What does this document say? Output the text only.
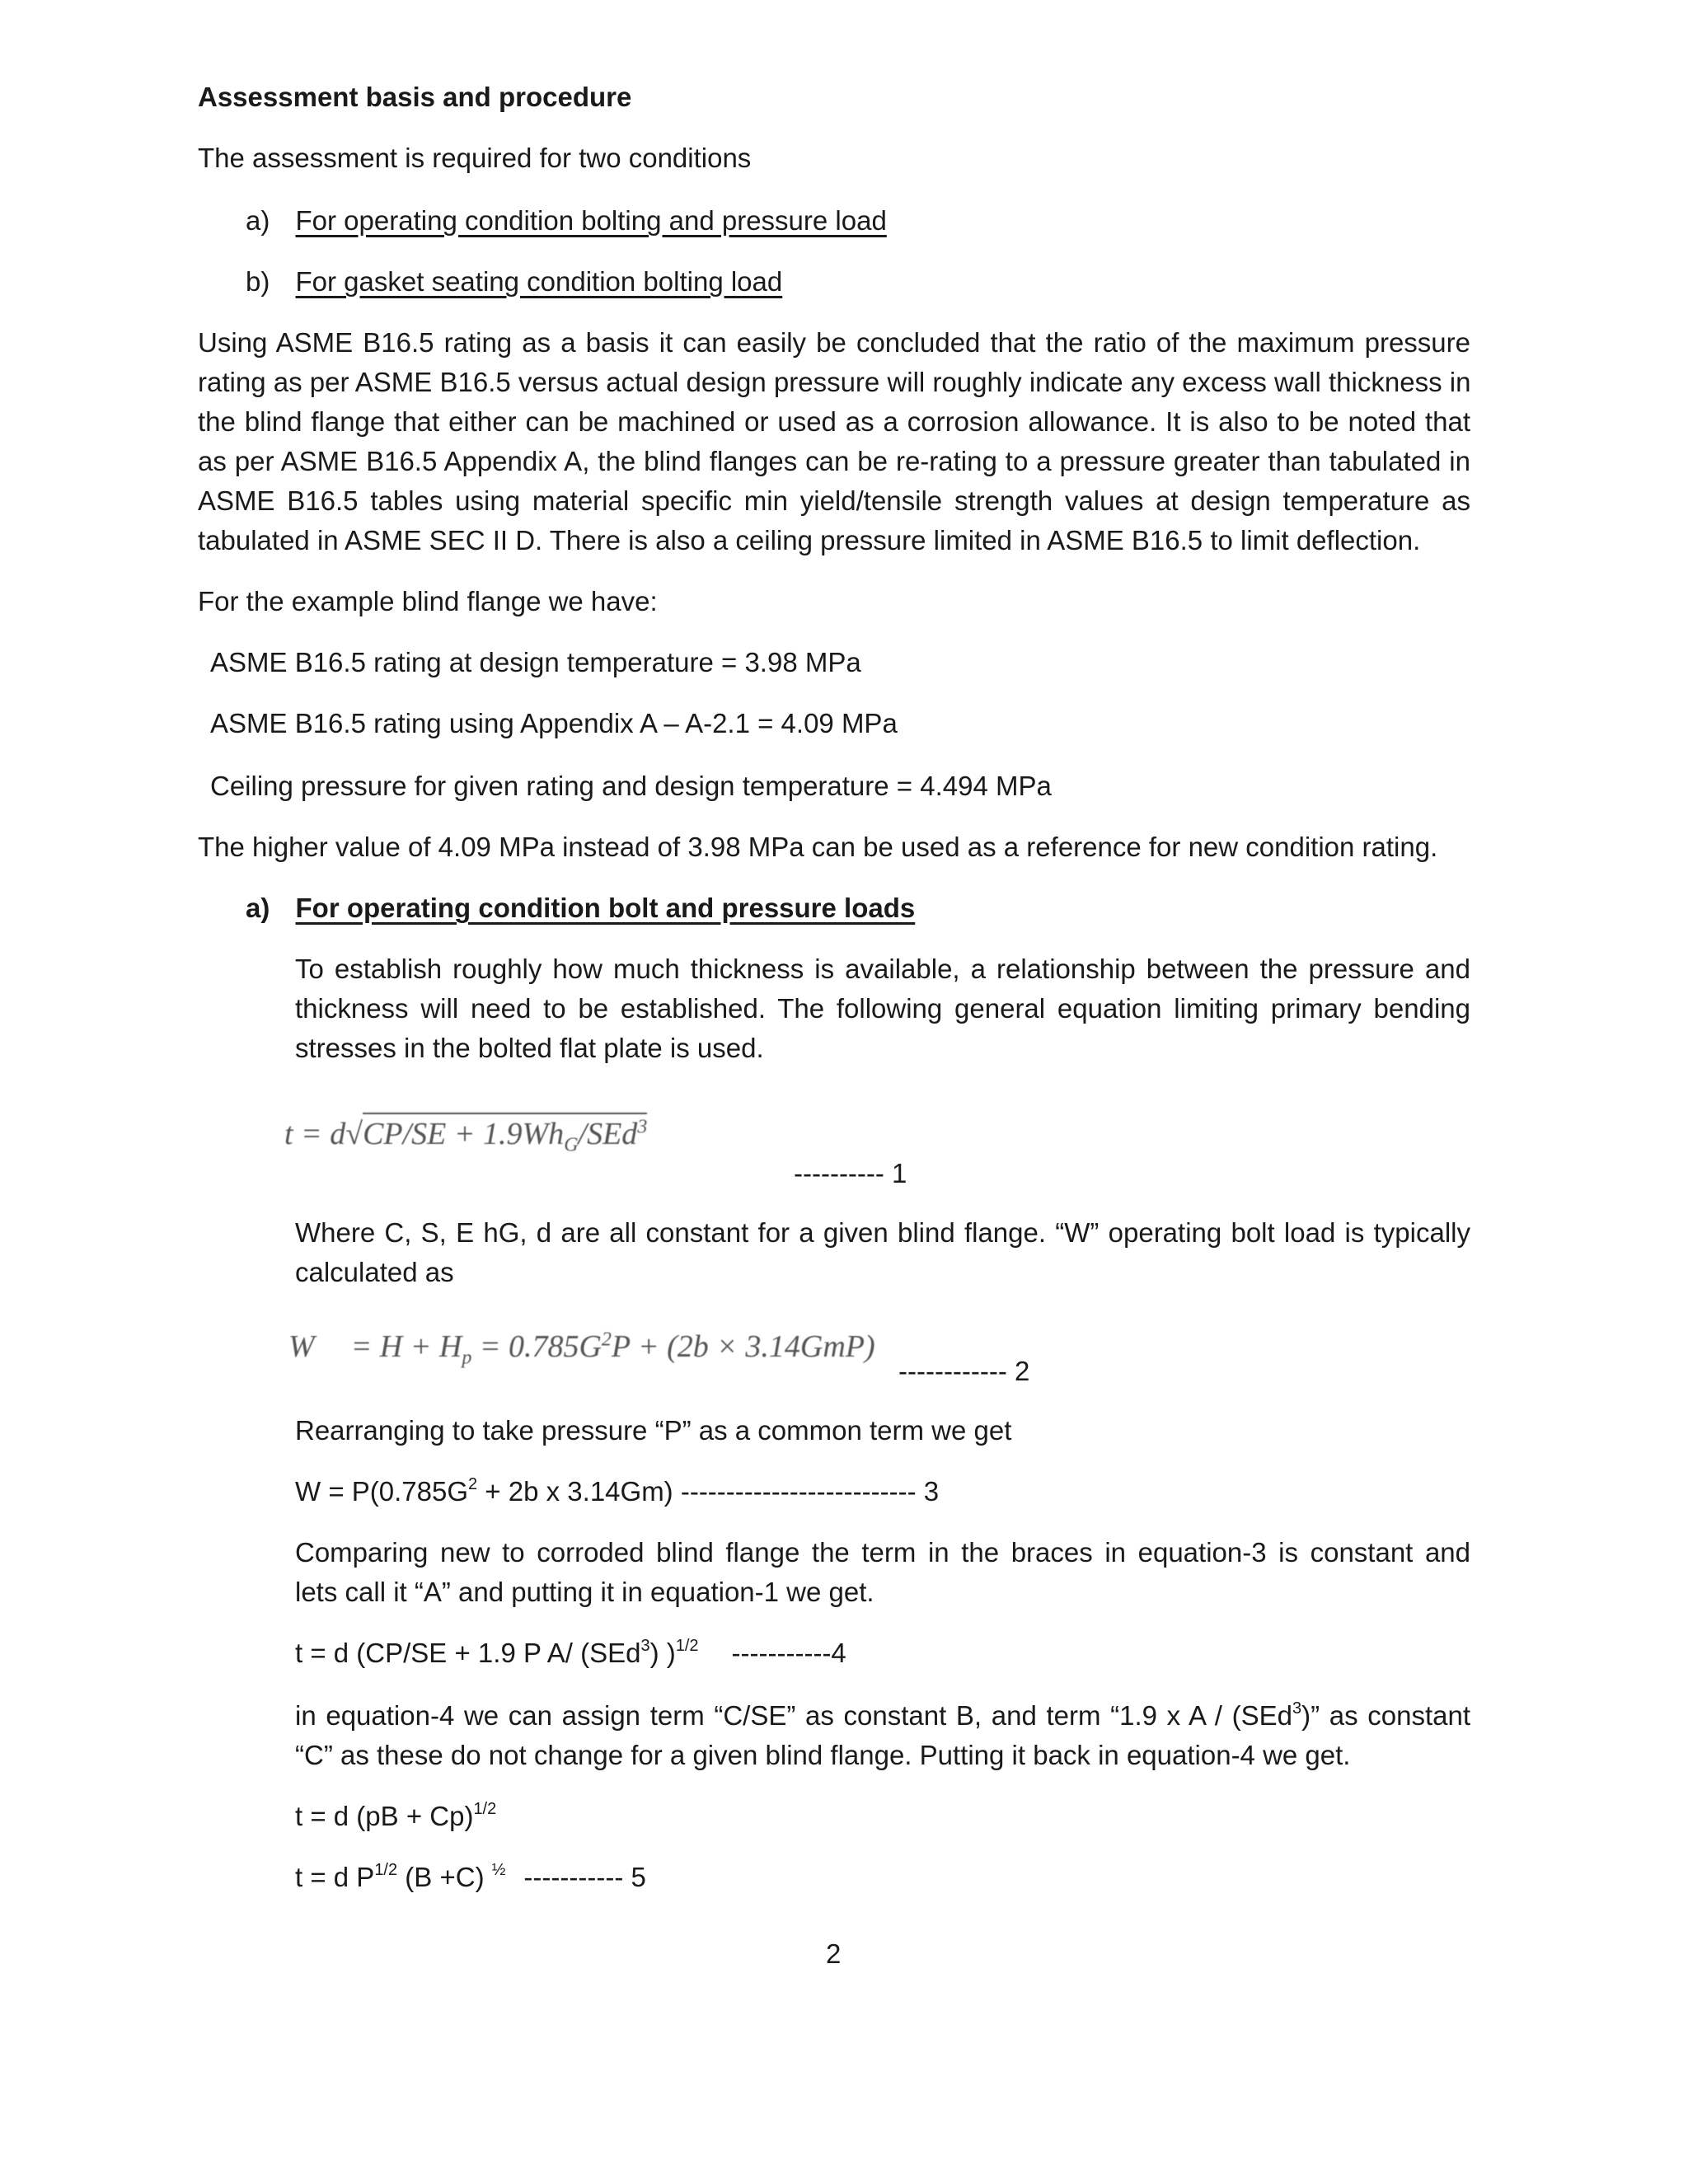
Assessment basis and procedure
The assessment is required for two conditions
a) For operating condition bolting and pressure load
b) For gasket seating condition bolting load
Using ASME B16.5 rating as a basis it can easily be concluded that the ratio of the maximum pressure
rating as per ASME B16.5 versus actual design pressure will roughly indicate any excess wall thickness in
the blind flange that either can be machined or used as a corrosion allowance. It is also to be noted that
as per ASME B16.5 Appendix A, the blind flanges can be re-rating to a pressure greater than tabulated in
ASME B16.5 tables using material specific min yield/tensile strength values at design temperature as
tabulated in ASME SEC II D. There is also a ceiling pressure limited in ASME B16.5 to limit deflection.
For the example blind flange we have:
ASME B16.5 rating at design temperature = 3.98 MPa
ASME B16.5 rating using Appendix A – A-2.1 = 4.09 MPa
Ceiling pressure for given rating and design temperature = 4.494 MPa
The higher value of 4.09 MPa instead of 3.98 MPa can be used as a reference for new condition rating.
a) For operating condition bolt and pressure loads
To establish roughly how much thickness is available, a relationship between the pressure and
thickness will need to be established. The following general equation limiting primary bending
stresses in the bolted flat plate is used.
$t = d√CP/SE + 1.9Wh_G/SEd^3$
---------- 1
Where C, S, E hG, d are all constant for a given blind flange. “W” operating bolt load is typically
calculated as
$W = H + H_p = 0.785G^2P + (2b \times 3.14GmP)$
------------ 2
Rearranging to take pressure “P” as a common term we get
$W = P(0.785G^2 + 2b$ x 3.14Gm) -------------------------- 3
Comparing new to corroded blind flange the term in the braces in equation-3 is constant and
lets call it “A” and putting it in equation-1 we get.
t = d (CP/SE + 1.9 P A/ (SEd$^3$) )$^{1/2}$ -----------4
in equation-4 we can assign term “C/SE” as constant B, and term “1.9 x A / (SEd$^3$)” as constant
“C” as these do not change for a given blind flange. Putting it back in equation-4 we get.
t = d (pB + Cp)$^{1/2}$
t = d $P^{1/2}$ (B +C) $^{\frac{1}{2}}$ ----------- 5
2
